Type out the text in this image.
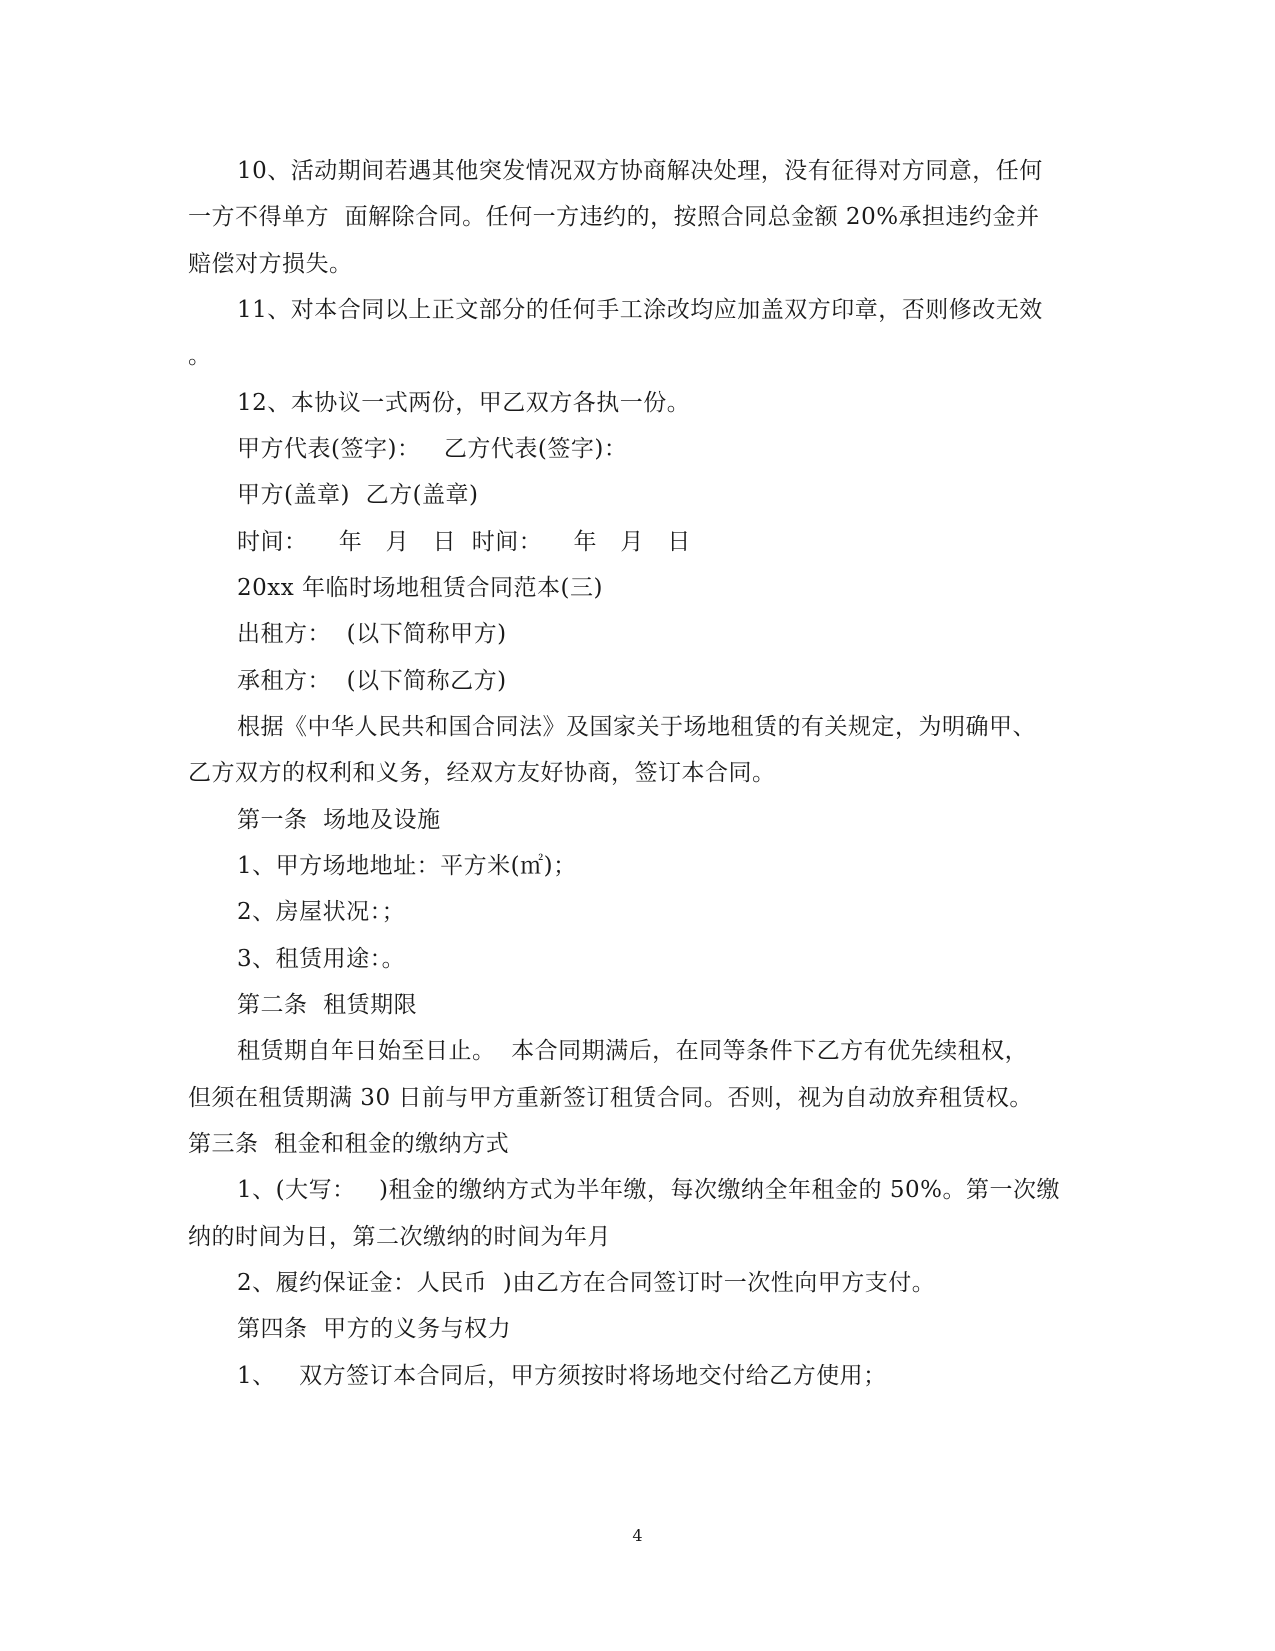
10、活动期间若遇其他突发情况双方协商解决处理，没有征得对方同意，任何
一方不得单方  面解除合同。任何一方违约的，按照合同总金额 20%承担违约金并
赔偿对方损失。
11、对本合同以上正文部分的任何手工涂改均应加盖双方印章，否则修改无效
。
12、本协议一式两份，甲乙双方各执一份。
甲方代表(签字)：   乙方代表(签字)：
甲方(盖章)  乙方(盖章)
时间：    年   月   日  时间：    年   月   日
20xx 年临时场地租赁合同范本(三)
出租方：  (以下简称甲方)
承租方：  (以下简称乙方)
根据《中华人民共和国合同法》及国家关于场地租赁的有关规定，为明确甲、
乙方双方的权利和义务，经双方友好协商，签订本合同。
第一条  场地及设施
1、甲方场地地址：平方米(㎡)；
2、房屋状况：；
3、租赁用途：。
第二条  租赁期限
租赁期自年日始至日止。  本合同期满后，在同等条件下乙方有优先续租权，
但须在租赁期满 30 日前与甲方重新签订租赁合同。否则，视为自动放弃租赁权。
第三条  租金和租金的缴纳方式
1、(大写：   )租金的缴纳方式为半年缴，每次缴纳全年租金的 50%。第一次缴
纳的时间为日，第二次缴纳的时间为年月
2、履约保证金：人民币  )由乙方在合同签订时一次性向甲方支付。
第四条  甲方的义务与权力
1、   双方签订本合同后，甲方须按时将场地交付给乙方使用；
4
